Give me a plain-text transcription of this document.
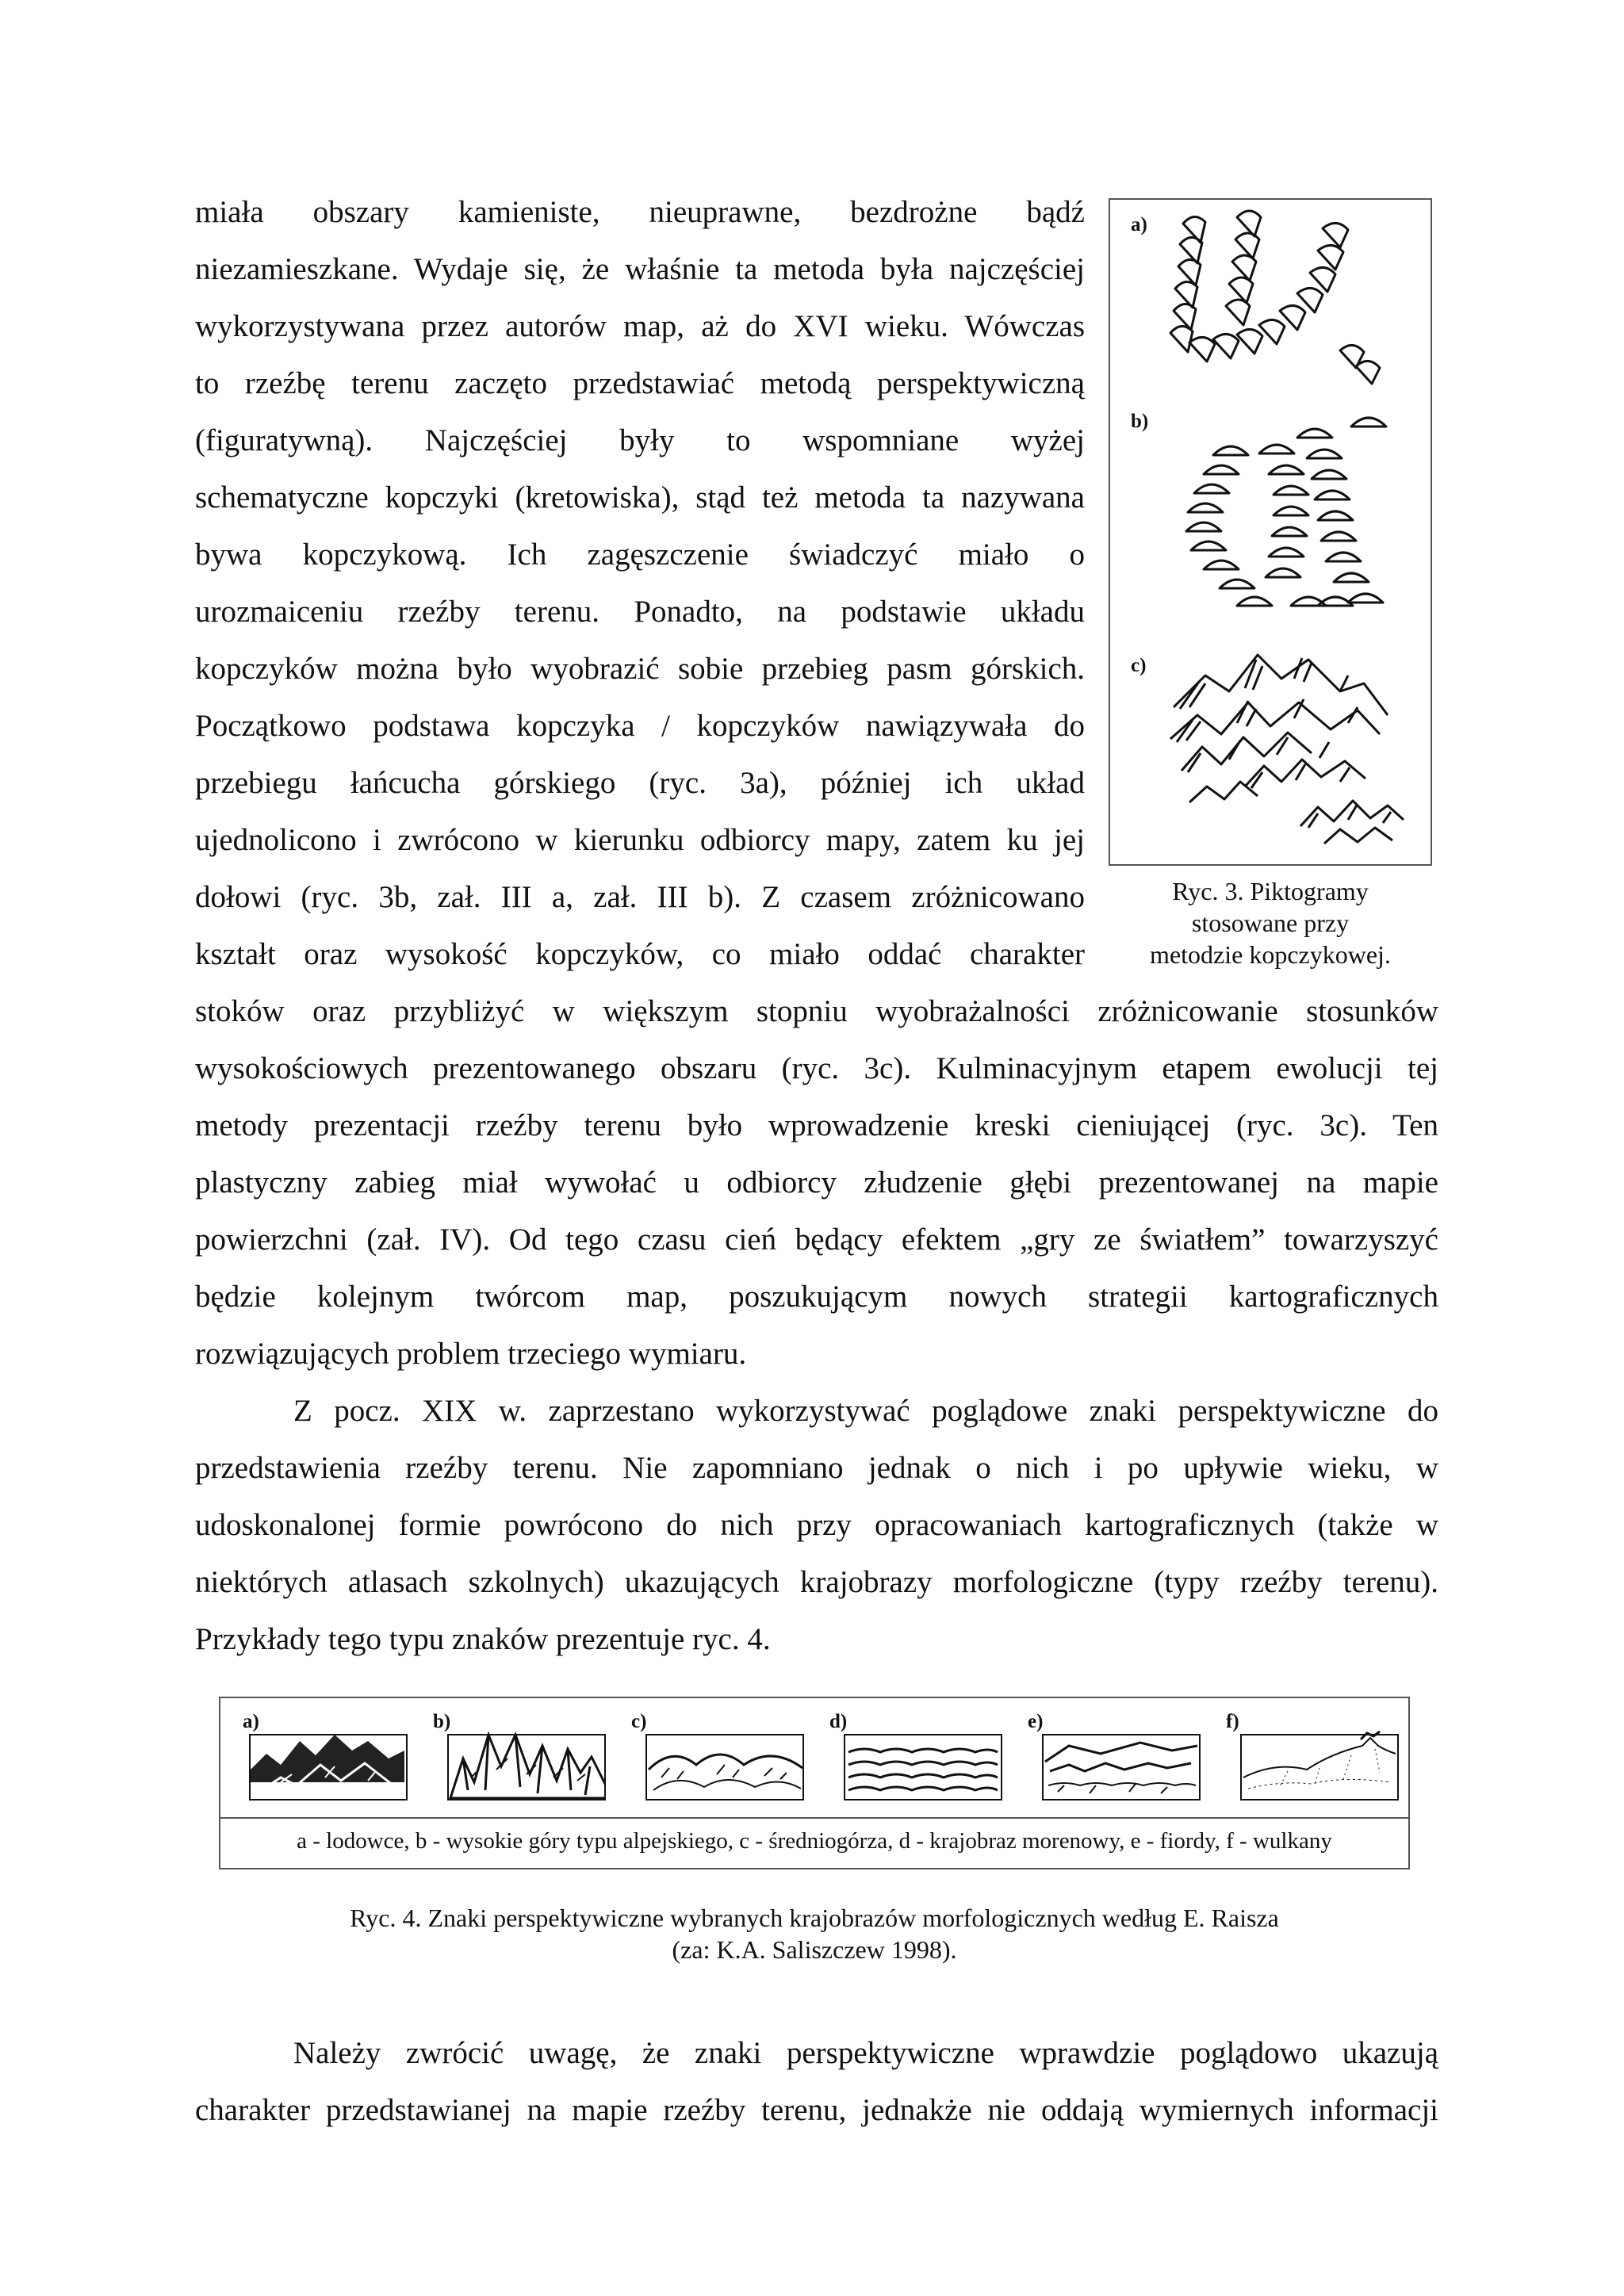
miała obszary kamieniste, nieuprawne, bezdrożne bądź
niezamieszkane. Wydaje się, że właśnie ta metoda była najczęściej
wykorzystywana przez autorów map, aż do XVI wieku. Wówczas
to rzeźbę terenu zaczęto przedstawiać metodą perspektywiczną
(figuratywną). Najczęściej były to wspomniane wyżej
schematyczne kopczyki (kretowiska), stąd też metoda ta nazywana
bywa kopczykową. Ich zagęszczenie świadczyć miało o
urozmaiceniu rzeźby terenu. Ponadto, na podstawie układu
kopczyków można było wyobrazić sobie przebieg pasm górskich.
Początkowo podstawa kopczyka / kopczyków nawiązywała do
przebiegu łańcucha górskiego (ryc. 3a), później ich układ
ujednolicono i zwrócono w kierunku odbiorcy mapy, zatem ku jej
dołowi (ryc. 3b, zał. III a, zał. III b). Z czasem zróżnicowano
kształt oraz wysokość kopczyków, co miało oddać charakter
stoków oraz przybliżyć w większym stopniu wyobrażalności zróżnicowanie stosunków
wysokościowych prezentowanego obszaru (ryc. 3c). Kulminacyjnym etapem ewolucji tej
metody prezentacji rzeźby terenu było wprowadzenie kreski cieniującej (ryc. 3c). Ten
plastyczny zabieg miał wywołać u odbiorcy złudzenie głębi prezentowanej na mapie
powierzchni (zał. IV). Od tego czasu cień będący efektem „gry ze światłem” towarzyszyć
będzie kolejnym twórcom map, poszukującym nowych strategii kartograficznych
rozwiązujących problem trzeciego wymiaru.
Z pocz. XIX w. zaprzestano wykorzystywać poglądowe znaki perspektywiczne do
przedstawienia rzeźby terenu. Nie zapomniano jednak o nich i po upływie wieku, w
udoskonalonej formie powrócono do nich przy opracowaniach kartograficznych (także w
niektórych atlasach szkolnych) ukazujących krajobrazy morfologiczne (typy rzeźby terenu).
Przykłady tego typu znaków prezentuje ryc. 4.
Należy zwrócić uwagę, że znaki perspektywiczne wprawdzie poglądowo ukazują
charakter przedstawianej na mapie rzeźby terenu, jednakże nie oddają wymiernych informacji
a)
b)
c)
Ryc. 3. Piktogramy
stosowane przy
metodzie kopczykowej.
a)	b)	c)	d)	e)	f)
a - lodowce, b - wysokie góry typu alpejskiego, c - średniogórza, d - krajobraz morenowy, e - fiordy, f - wulkany
Ryc. 4. Znaki perspektywiczne wybranych krajobrazów morfologicznych według E. Raisza
(za: K.A. Saliszczew 1998).
